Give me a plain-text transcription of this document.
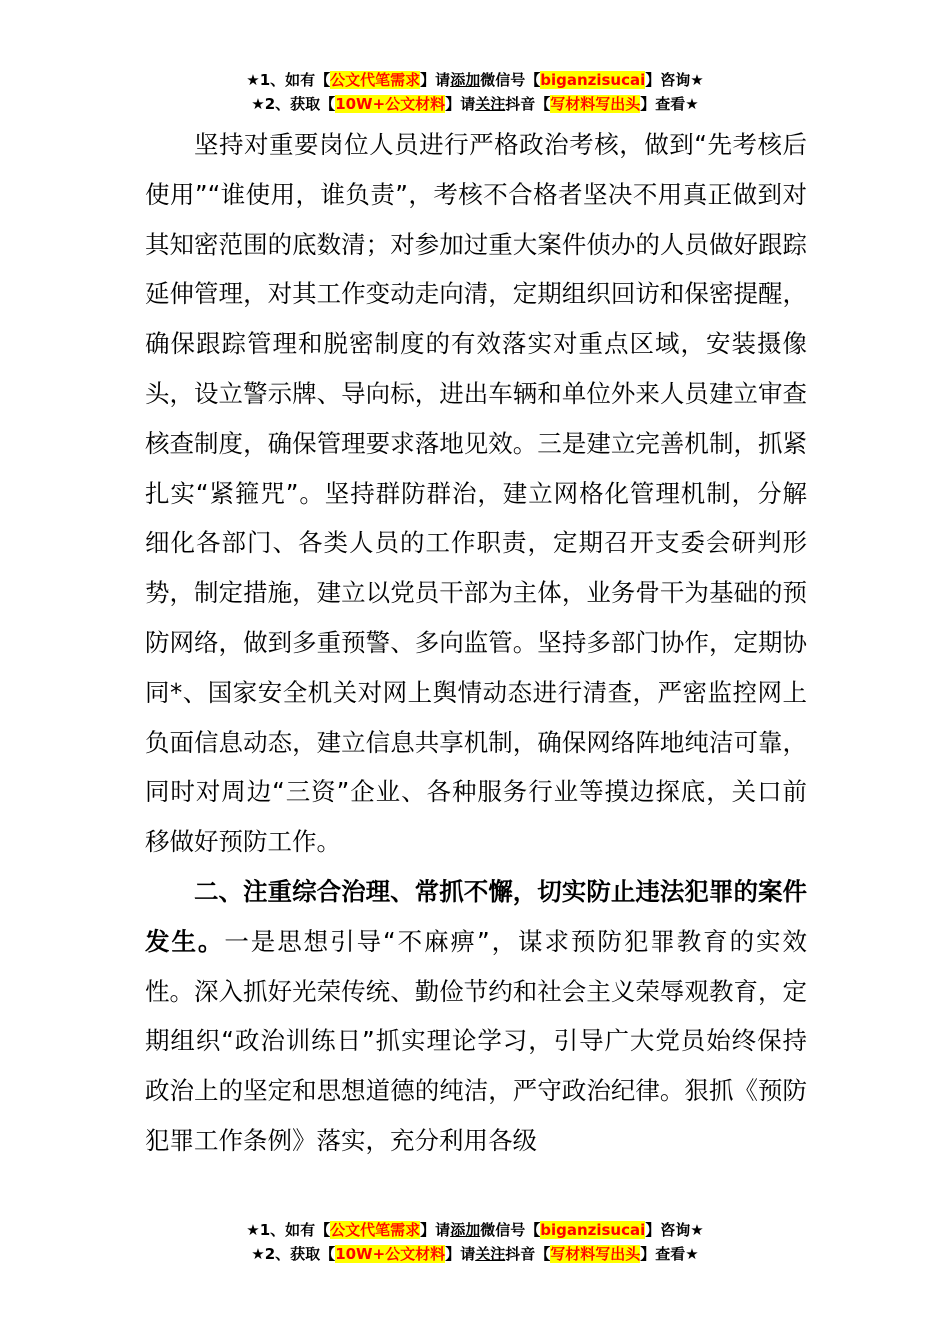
★1、如有【公文代笔需求】请添加微信号【biganzisucai】咨询★
★2、获取【10W+公文材料】请关注抖音【写材料写出头】查看★

坚持对重要岗位人员进行严格政治考核，做到“先考核后使用”“谁使用，谁负责”，考核不合格者坚决不用真正做到对其知密范围的底数清；对参加过重大案件侦办的人员做好跟踪延伸管理，对其工作变动走向清，定期组织回访和保密提醒，确保跟踪管理和脱密制度的有效落实对重点区域，安装摄像头，设立警示牌、导向标，进出车辆和单位外来人员建立审查核查制度，确保管理要求落地见效。三是建立完善机制，抓紧扎实“紧箍咒”。坚持群防群治，建立网格化管理机制，分解细化各部门、各类人员的工作职责，定期召开支委会研判形势，制定措施，建立以党员干部为主体，业务骨干为基础的预防网络，做到多重预警、多向监管。坚持多部门协作，定期协同*、国家安全机关对网上舆情动态进行清查，严密监控网上负面信息动态，建立信息共享机制，确保网络阵地纯洁可靠，同时对周边“三资”企业、各种服务行业等摸边探底，关口前移做好预防工作。

二、注重综合治理、常抓不懈，切实防止违法犯罪的案件发生。一是思想引导“不麻痹”，谋求预防犯罪教育的实效性。深入抓好光荣传统、勤俭节约和社会主义荣辱观教育，定期组织“政治训练日”抓实理论学习，引导广大党员始终保持政治上的坚定和思想道德的纯洁，严守政治纪律。狠抓《预防犯罪工作条例》落实，充分利用各级

★1、如有【公文代笔需求】请添加微信号【biganzisucai】咨询★
★2、获取【10W+公文材料】请关注抖音【写材料写出头】查看★
